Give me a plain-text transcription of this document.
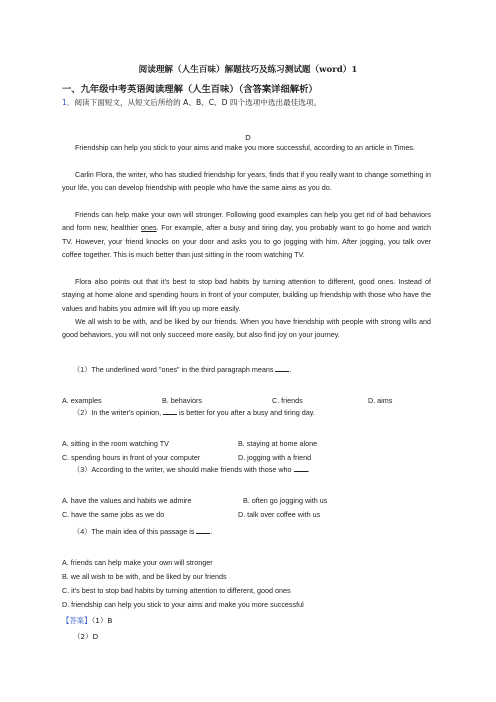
阅读理解（人生百味）解题技巧及练习测试题（word）1
一、九年级中考英语阅读理解（人生百味）（含答案详细解析）
1．阅读下面短文，从短文后所给的 A、B、C、D 四个选项中选出最佳选项。
D
Friendship can help you stick to your aims and make you more successful, according to an article in Times.
Carlin Flora, the writer, who has studied friendship for years, finds that if you really want to change something in your life, you can develop friendship with people who have the same aims as you do.
Friends can help make your own will stronger. Following good examples can help you get rid of bad behaviors and form new, healthier ones. For example, after a busy and tiring day, you probably want to go home and watch TV. However, your friend knocks on your door and asks you to go jogging with him. After jogging, you talk over coffee together. This is much better than just sitting in the room watching TV.
Flora also points out that it's best to stop bad habits by turning attention to different, good ones. Instead of staying at home alone and spending hours in front of your computer, building up friendship with those who have the values and habits you admire will lift you up more easily.
We all wish to be with, and be liked by our friends. When you have friendship with people with strong wills and good behaviors, you will not only succeed more easily, but also find joy on your journey.
（1）The underlined word "ones" in the third paragraph means .
A. examples	B. behaviors	C. friends	D. aims
（2）In the writer's opinion,  is better for you after a busy and tiring day.
A. sitting in the room watching TV	B. staying at home alone
C. spending hours in front of your computer	D. jogging with a friend
（3）According to the writer, we should make friends with those who .
A. have the values and habits we admire	B. often go jogging with us
C. have the same jobs as we do	D. talk over coffee with us
（4）The main idea of this passage is .
A. friends can help make your own will stronger
B. we all wish to be with, and be liked by our friends
C. it's best to stop bad habits by turning attention to different, good ones
D. friendship can help you stick to your aims and make you more successful
【答案】（1）B
（2）D
